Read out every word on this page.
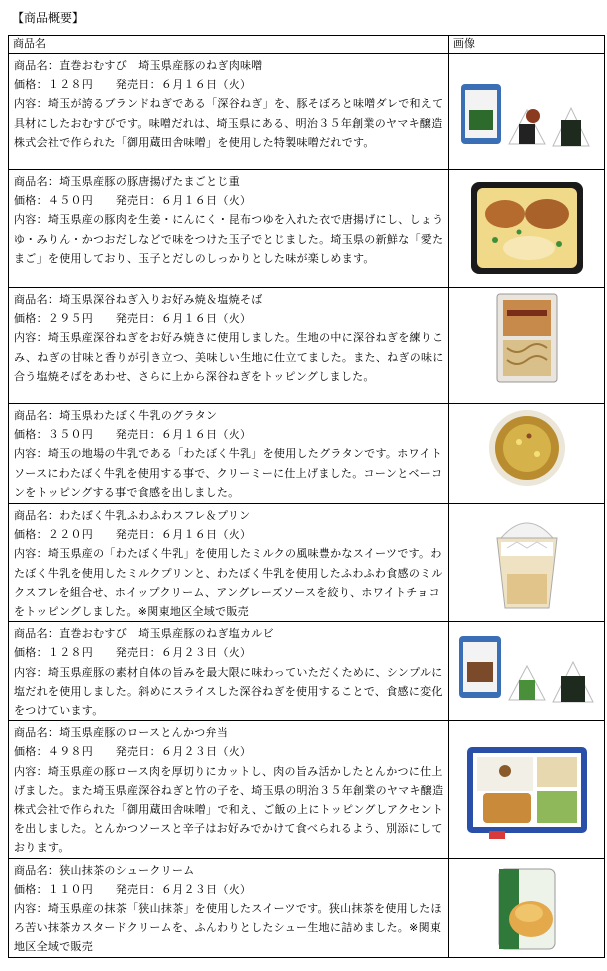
【商品概要】
商品名	画像

商品名：直巻おむすび　埼玉県産豚のねぎ肉味噌
価格：１２８円　　発売日：６月１６日（火）
内容：埼玉が誇るブランドねぎである「深谷ねぎ」を、豚そぼろと味噌ダレで和えて具材にしたおむすびです。味噌だれは、埼玉県にある、明治３５年創業のヤマキ醸造株式会社で作られた「御用蔵田舎味噌」を使用した特製味噌だれです。

商品名：埼玉県産豚の豚唐揚げたまごとじ重
価格：４５０円　　発売日：６月１６日（火）
内容：埼玉県産の豚肉を生姜・にんにく・昆布つゆを入れた衣で唐揚げにし、しょうゆ・みりん・かつおだしなどで味をつけた玉子でとじました。埼玉県の新鮮な「愛たまご」を使用しており、玉子とだしのしっかりとした味が楽しめます。

商品名：埼玉県深谷ねぎ入りお好み焼＆塩焼そば
価格：２９５円　　発売日：６月１６日（火）
内容：埼玉県産深谷ねぎをお好み焼きに使用しました。生地の中に深谷ねぎを練りこみ、ねぎの甘味と香りが引き立つ、美味しい生地に仕立てました。また、ねぎの味に合う塩焼そばをあわせ、さらに上から深谷ねぎをトッピングしました。

商品名：埼玉県わたぼく牛乳のグラタン
価格：３５０円　　発売日：６月１６日（火）
内容：埼玉の地場の牛乳である「わたぼく牛乳」を使用したグラタンです。ホワイトソースにわたぼく牛乳を使用する事で、クリーミーに仕上げました。コーンとベーコンをトッピングする事で食感を出しました。

商品名：わたぼく牛乳ふわふわスフレ＆プリン
価格：２２０円　　発売日：６月１６日（火）
内容：埼玉県産の「わたぼく牛乳」を使用したミルクの風味豊かなスイーツです。わたぼく牛乳を使用したミルクプリンと、わたぼく牛乳を使用したふわふわ食感のミルクスフレを組合せ、ホイップクリーム、アングレーズソースを絞り、ホワイトチョコをトッピングしました。※関東地区全域で販売

商品名：直巻おむすび　埼玉県産豚のねぎ塩カルビ
価格：１２８円　　発売日：６月２３日（火）
内容：埼玉県産豚の素材自体の旨みを最大限に味わっていただくために、シンプルに塩だれを使用しました。斜めにスライスした深谷ねぎを使用することで、食感に変化をつけています。

商品名：埼玉県産豚のロースとんかつ弁当
価格：４９８円　　発売日：６月２３日（火）
内容：埼玉県産の豚ロース肉を厚切りにカットし、肉の旨み活かしたとんかつに仕上げました。また埼玉県産深谷ねぎと竹の子を、埼玉県の明治３５年創業のヤマキ醸造株式会社で作られた「御用蔵田舎味噌」で和え、ご飯の上にトッピングしアクセントを出しました。とんかつソースと辛子はお好みでかけて食べられるよう、別添にしております。

商品名：狭山抹茶のシュークリーム
価格：１１０円　　発売日：６月２３日（火）
内容：埼玉県産の抹茶「狭山抹茶」を使用したスイーツです。狭山抹茶を使用したほろ苦い抹茶カスタードクリームを、ふんわりとしたシュー生地に詰めました。※関東地区全域で販売
